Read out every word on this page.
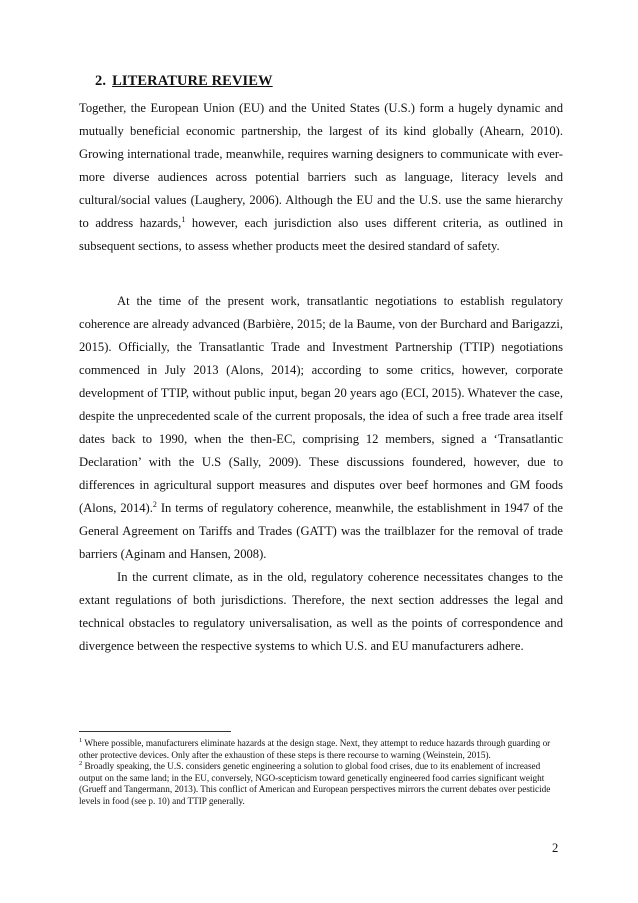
2. LITERATURE REVIEW

Together, the European Union (EU) and the United States (U.S.) form a hugely dynamic and mutually beneficial economic partnership, the largest of its kind globally (Ahearn, 2010). Growing international trade, meanwhile, requires warning designers to communicate with ever-more diverse audiences across potential barriers such as language, literacy levels and cultural/social values (Laughery, 2006). Although the EU and the U.S. use the same hierarchy to address hazards,$^1$ however, each jurisdiction also uses different criteria, as outlined in subsequent sections, to assess whether products meet the desired standard of safety.

At the time of the present work, transatlantic negotiations to establish regulatory coherence are already advanced (Barbière, 2015; de la Baume, von der Burchard and Barigazzi, 2015). Officially, the Transatlantic Trade and Investment Partnership (TTIP) negotiations commenced in July 2013 (Alons, 2014); according to some critics, however, corporate development of TTIP, without public input, began 20 years ago (ECI, 2015). Whatever the case, despite the unprecedented scale of the current proposals, the idea of such a free trade area itself dates back to 1990, when the then-EC, comprising 12 members, signed a ‘Transatlantic Declaration’ with the U.S (Sally, 2009). These discussions foundered, however, due to differences in agricultural support measures and disputes over beef hormones and GM foods (Alons, 2014).$^2$ In terms of regulatory coherence, meanwhile, the establishment in 1947 of the General Agreement on Tariffs and Trades (GATT) was the trailblazer for the removal of trade barriers (Aginam and Hansen, 2008).

In the current climate, as in the old, regulatory coherence necessitates changes to the extant regulations of both jurisdictions. Therefore, the next section addresses the legal and technical obstacles to regulatory universalisation, as well as the points of correspondence and divergence between the respective systems to which U.S. and EU manufacturers adhere.

$^1$ Where possible, manufacturers eliminate hazards at the design stage. Next, they attempt to reduce hazards through guarding or other protective devices. Only after the exhaustion of these steps is there recourse to warning (Weinstein, 2015).

$^2$ Broadly speaking, the U.S. considers genetic engineering a solution to global food crises, due to its enablement of increased output on the same land; in the EU, conversely, NGO-scepticism toward genetically engineered food carries significant weight (Grueff and Tangermann, 2013). This conflict of American and European perspectives mirrors the current debates over pesticide levels in food (see p. 10) and TTIP generally.

2
